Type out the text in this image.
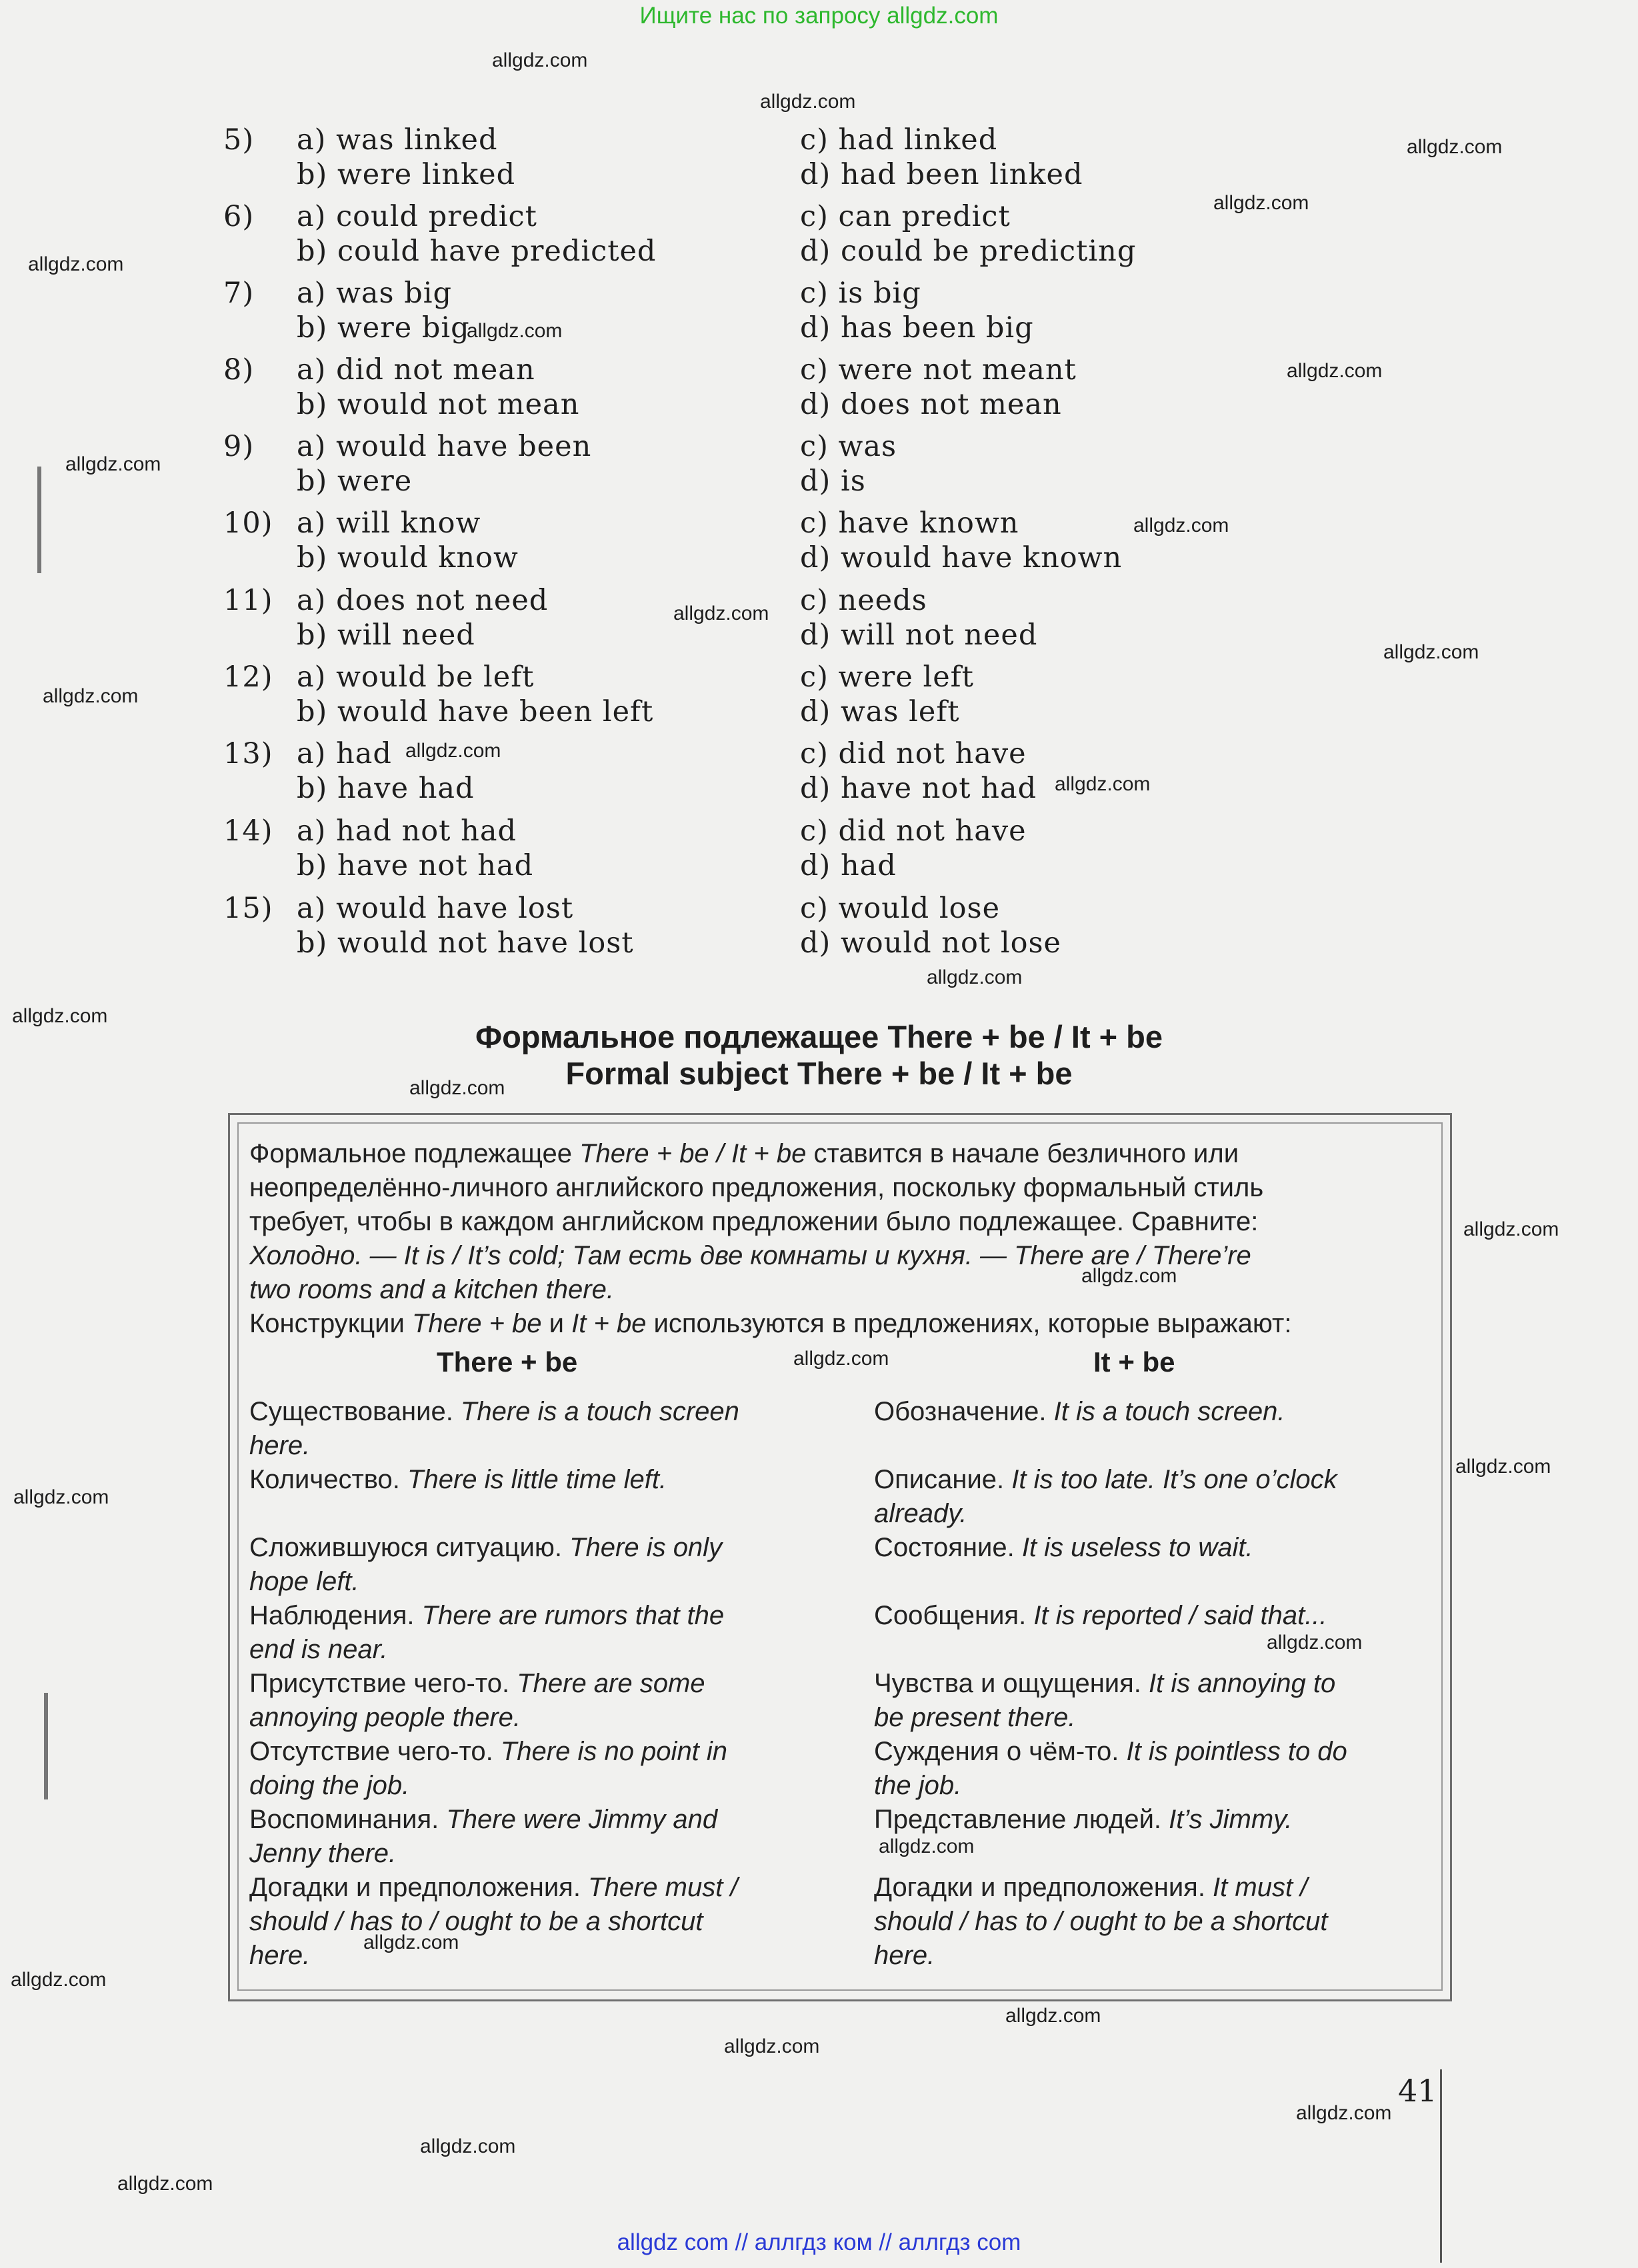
Ищите нас по запросу allgdz.com
allgdz com // аллгдз ком // аллгдз com
allgdz.com
allgdz.com
allgdz.com
allgdz.com
allgdz.com
allgdz.com
allgdz.com
allgdz.com
allgdz.com
allgdz.com
allgdz.com
allgdz.com
allgdz.com
allgdz.com
allgdz.com
allgdz.com
allgdz.com
allgdz.com
allgdz.com
allgdz.com
allgdz.com
allgdz.com
allgdz.com
allgdz.com
allgdz.com
allgdz.com
allgdz.com
allgdz.com
allgdz.com
allgdz.com
allgdz.com
5) a) was linked
b) were linked
c) had linked
d) had been linked
6) a) could predict
b) could have predicted
c) can predict
d) could be predicting
7) a) was big
b) were big
c) is big
d) has been big
8) a) did not mean
b) would not mean
c) were not meant
d) does not mean
9) a) would have been
b) were
c) was
d) is
10) a) will know
b) would know
c) have known
d) would have known
11) a) does not need
b) will need
c) needs
d) will not need
12) a) would be left
b) would have been left
c) were left
d) was left
13) a) had
b) have had
c) did not have
d) have not had
14) a) had not had
b) have not had
c) did not have
d) had
15) a) would have lost
b) would not have lost
c) would lose
d) would not lose
Формальное подлежащее There + be / It + be
Formal subject There + be / It + be
Формальное подлежащее There + be / It + be ставится в начале безличного или
неопределённо-личного английского предложения, поскольку формальный стиль
требует, чтобы в каждом английском предложении было подлежащее. Сравните:
Холодно. — It is / It’s cold; Там есть две комнаты и кухня. — There are / There’re
two rooms and a kitchen there.
Конструкции There + be и It + be используются в предложениях, которые выражают:
There + be	It + be
Существование. There is a touch screen
here.
Количество. There is little time left.

Сложившуюся ситуацию. There is only
hope left.
Наблюдения. There are rumors that the
end is near.
Присутствие чего-то. There are some
annoying people there.
Отсутствие чего-то. There is no point in
doing the job.
Воспоминания. There were Jimmy and
Jenny there.
Догадки и предположения. There must /
should / has to / ought to be a shortcut
here.
Обозначение. It is a touch screen.

Описание. It is too late. It’s one o’clock
already.
Состояние. It is useless to wait.

Сообщения. It is reported / said that...

Чувства и ощущения. It is annoying to
be present there.
Суждения о чём-то. It is pointless to do
the job.
Представление людей. It’s Jimmy.

Догадки и предположения. It must /
should / has to / ought to be a shortcut
here.
41
